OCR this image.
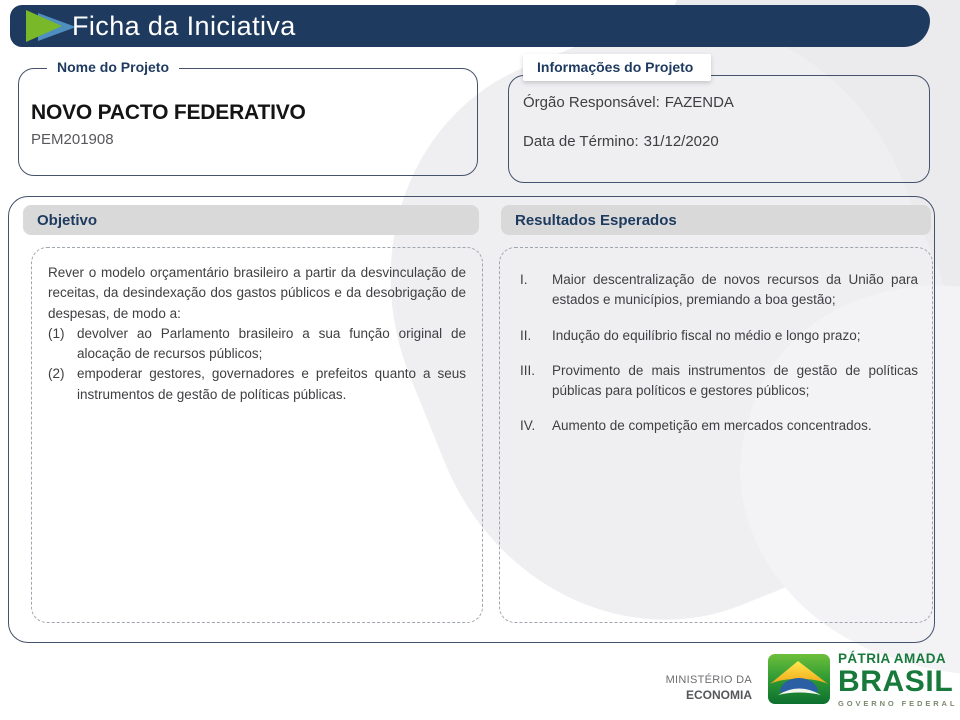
Ficha da Iniciativa
Nome do Projeto
NOVO PACTO FEDERATIVO
PEM201908
Informações do Projeto
Órgão Responsável: FAZENDA
Data de Término: 31/12/2020
Objetivo	Resultados Esperados

Rever o modelo orçamentário brasileiro a partir da desvinculação de receitas, da desindexação dos gastos públicos e da desobrigação de despesas, de modo a:

(1) devolver ao Parlamento brasileiro a sua função original de alocação de recursos públicos;
(2) empoderar gestores, governadores e prefeitos quanto a seus instrumentos de gestão de políticas públicas.
I.	Maior descentralização de novos recursos da União para estados e municípios, premiando a boa gestão;
II.	Indução do equilíbrio fiscal no médio e longo prazo;
III.	Provimento de mais instrumentos de gestão de políticas públicas para políticos e gestores públicos;
IV.	Aumento de competição em mercados concentrados.
MINISTÉRIO DA
ECONOMIA
PÁTRIA AMADA
BRASIL
GOVERNO FEDERAL
